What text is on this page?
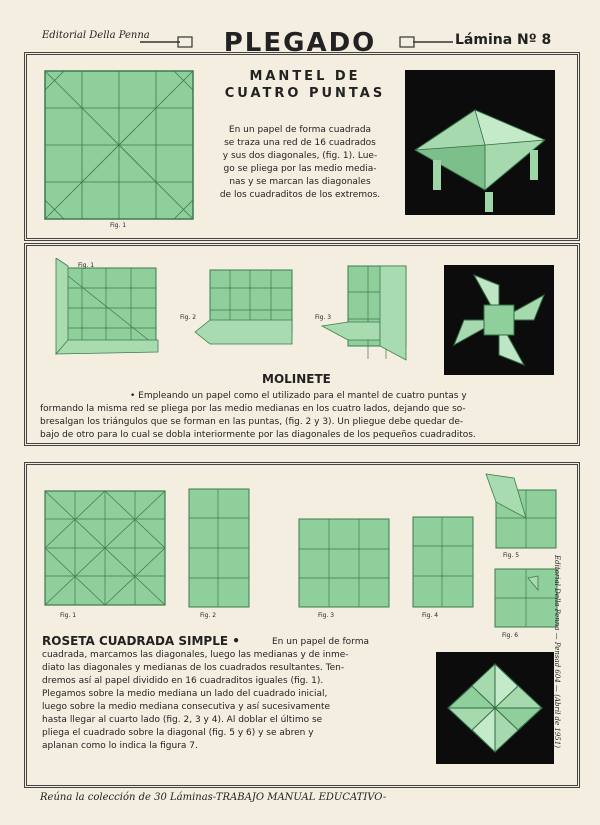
Editorial Della Penna	PLEGADO	Lámina Nº 8
Fig. 1
MANTEL DE
CUATRO PUNTAS
En un papel de forma cuadrada
se traza una red de 16 cuadrados
y sus dos diagonales, (fig. 1). Lue-
go se pliega por las medio media-
nas y se marcan las diagonales
de los cuadraditos de los extremos.
Fig. 1
Fig. 2	Fig. 3
MOLINETE
• Empleando un papel como el utilizado para el mantel de cuatro puntas y
formando la misma red se pliega por las medio medianas en los cuatro lados, dejando que so-
bresalgan los triángulos que se forman en las puntas, (fig. 2 y 3). Un pliegue debe quedar de-
bajo de otro para lo cual se dobla interiormente por las diagonales de los pequeños cuadraditos.
Fig. 1	Fig. 2	Fig. 3	Fig. 4
Fig. 5
Fig. 6
ROSETA CUADRADA SIMPLE •	En un papel de forma
cuadrada, marcamos las diagonales, luego las medianas y de inme-
diato las diagonales y medianas de los cuadrados resultantes. Ten-
dremos así al papel dividido en 16 cuadraditos iguales (fig. 1).
Plegamos sobre la medio mediana un lado del cuadrado inicial,
luego sobre la medio mediana consecutiva y así sucesivamente
hasta llegar al cuarto lado (fig. 2, 3 y 4). Al doblar el último se
pliega el cuadrado sobre la diagonal (fig. 5 y 6) y se abren y
aplanan como lo indica la figura 7.	Editorial Della Penna — Pensad 604 — (Abril de 1951)
Reúna la colección de 30 Láminas-TRABAJO MANUAL EDUCATIVO-
